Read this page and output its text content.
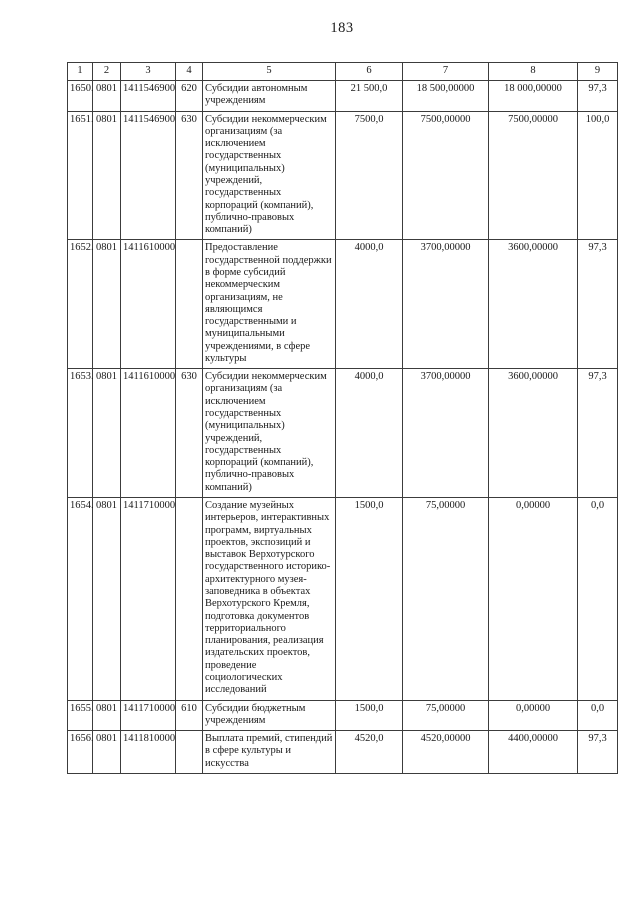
183
1	2	3	4	5	6	7	8	9
1650.	0801	1411546900	620	Субсидии автономным учреждениям	21 500,0	18 500,00000	18 000,00000	97,3
1651.	0801	1411546900	630	Субсидии некоммерческим организациям (за исключением государственных (муниципальных) учреждений, государственных корпораций (компаний), публично-правовых компаний)	7500,0	7500,00000	7500,00000	100,0
1652.	0801	1411610000		Предоставление государственной поддержки в форме субсидий некоммерческим организациям, не являющимся государственными и муниципальными учреждениями, в сфере культуры	4000,0	3700,00000	3600,00000	97,3
1653.	0801	1411610000	630	Субсидии некоммерческим организациям (за исключением государственных (муниципальных) учреждений, государственных корпораций (компаний), публично-правовых компаний)	4000,0	3700,00000	3600,00000	97,3
1654.	0801	1411710000		Создание музейных интерьеров, интерактивных программ, виртуальных проектов, экспозиций и выставок Верхотурского государственного историко-архитектурного музея-заповедника в объектах Верхотурского Кремля, подготовка документов территориального планирования, реализация издательских проектов, проведение социологических исследований	1500,0	75,00000	0,00000	0,0
1655.	0801	1411710000	610	Субсидии бюджетным учреждениям	1500,0	75,00000	0,00000	0,0
1656.	0801	1411810000		Выплата премий, стипендий в сфере культуры и искусства	4520,0	4520,00000	4400,00000	97,3
